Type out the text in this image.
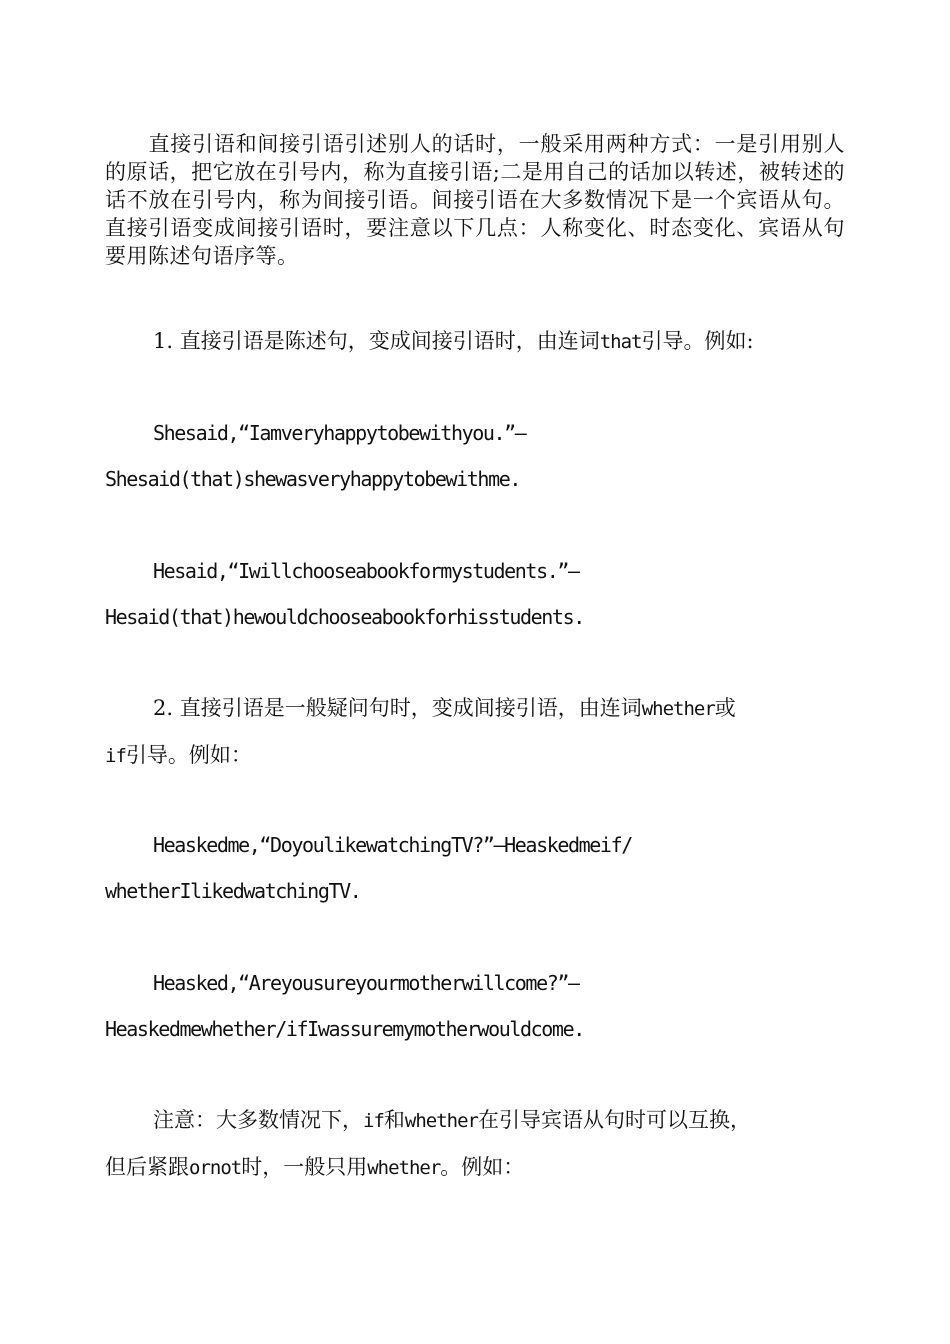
　　直接引语和间接引语引述别人的话时，一般采用两种方式：一是引用别人的原话，把它放在引号内，称为直接引语;二是用自己的话加以转述，被转述的话不放在引号内，称为间接引语。间接引语在大多数情况下是一个宾语从句。直接引语变成间接引语时，要注意以下几点：人称变化、时态变化、宾语从句要用陈述句语序等。

1. 直接引语是陈述句，变成间接引语时，由连词that引导。例如:

Shesaid,“Iamveryhappytobewithyou.”—
Shesaid(that)shewasveryhappytobewithme.

Hesaid,“Iwillchooseabookformystudents.”—
Hesaid(that)hewouldchooseabookforhisstudents.

2. 直接引语是一般疑问句时，变成间接引语，由连词whether或
if引导。例如：

Heaskedme,“DoyoulikewatchingTV?”—Heaskedmeif/
whetherIlikedwatchingTV.

Heasked,“Areyousureyourmotherwillcome?”—
Heaskedmewhether/ifIwassuremymotherwouldcome.

注意：大多数情况下，if和whether在引导宾语从句时可以互换，
但后紧跟ornot时，一般只用whether。例如：
